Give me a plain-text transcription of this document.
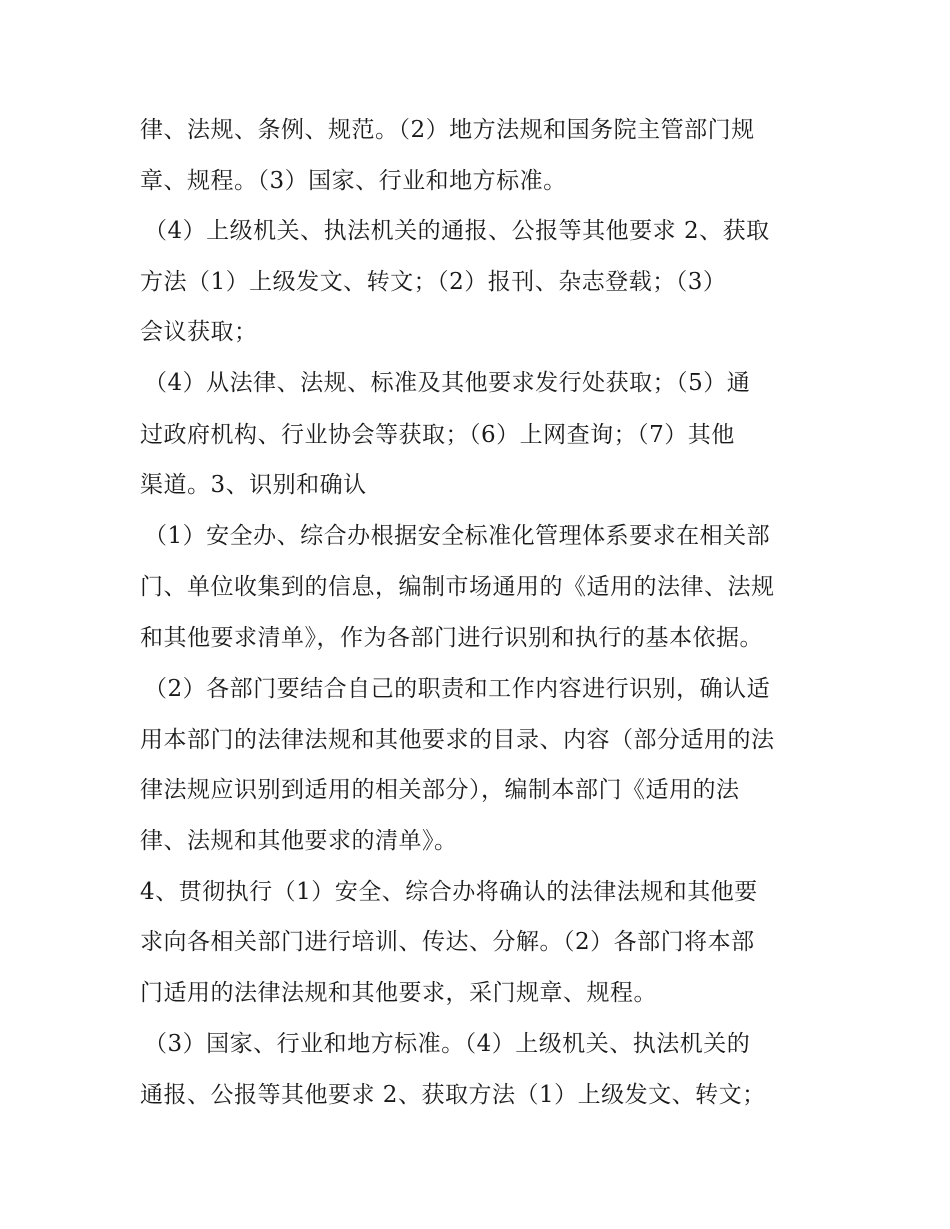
律、法规、条例、规范。（2）地方法规和国务院主管部门规
章、规程。（3）国家、行业和地方标准。
（4）上级机关、执法机关的通报、公报等其他要求 2、获取
方法（1）上级发文、转文；（2）报刊、杂志登载；（3）
会议获取；
（4）从法律、法规、标准及其他要求发行处获取；（5）通
过政府机构、行业协会等获取；（6）上网查询；（7）其他
渠道。3、识别和确认
（1）安全办、综合办根据安全标准化管理体系要求在相关部
门、单位收集到的信息，编制市场通用的《适用的法律、法规
和其他要求清单》，作为各部门进行识别和执行的基本依据。
（2）各部门要结合自己的职责和工作内容进行识别，确认适
用本部门的法律法规和其他要求的目录、内容（部分适用的法
律法规应识别到适用的相关部分），编制本部门《适用的法
律、法规和其他要求的清单》。
4、贯彻执行（1）安全、综合办将确认的法律法规和其他要
求向各相关部门进行培训、传达、分解。（2）各部门将本部
门适用的法律法规和其他要求，采门规章、规程。
（3）国家、行业和地方标准。（4）上级机关、执法机关的
通报、公报等其他要求 2、获取方法（1）上级发文、转文；
